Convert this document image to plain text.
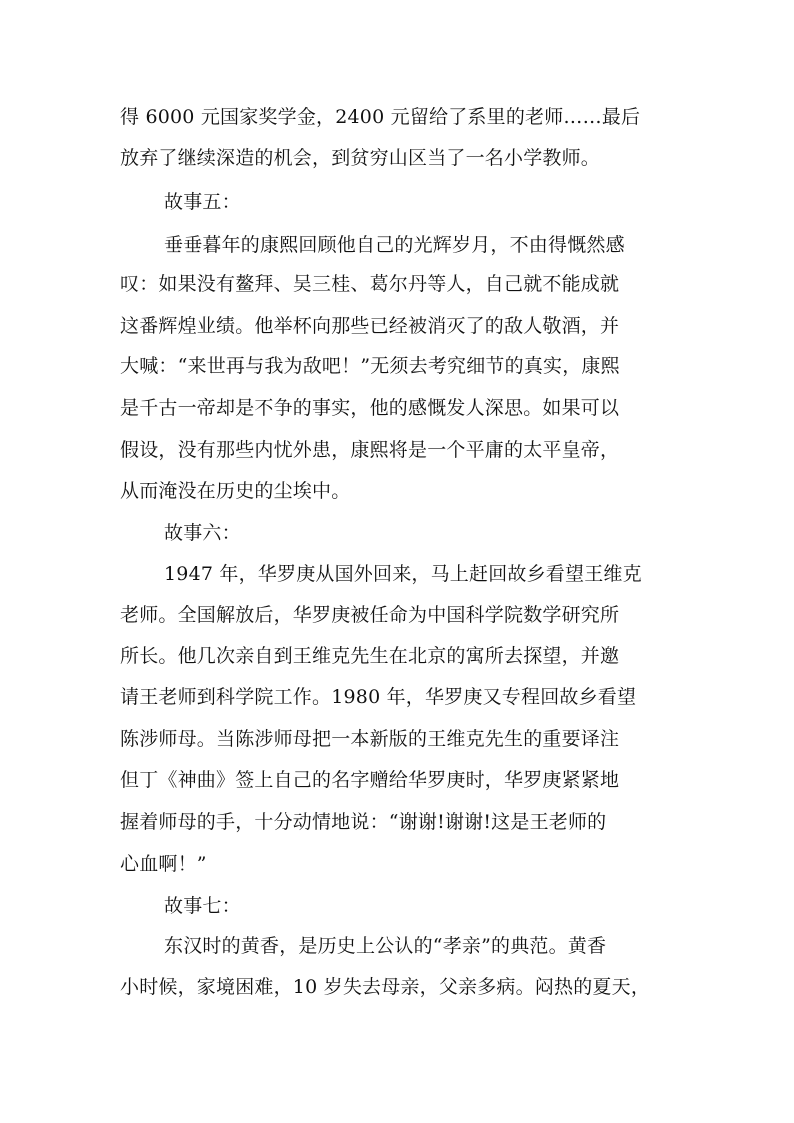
得 6000 元国家奖学金，2400 元留给了系里的老师……最后
放弃了继续深造的机会，到贫穷山区当了一名小学教师。
故事五：
垂垂暮年的康熙回顾他自己的光辉岁月，不由得慨然感
叹：如果没有鳌拜、吴三桂、葛尔丹等人，自己就不能成就
这番辉煌业绩。他举杯向那些已经被消灭了的敌人敬酒，并
大喊：“来世再与我为敌吧！”无须去考究细节的真实，康熙
是千古一帝却是不争的事实，他的感慨发人深思。如果可以
假设，没有那些内忧外患，康熙将是一个平庸的太平皇帝，
从而淹没在历史的尘埃中。
故事六：
1947 年，华罗庚从国外回来，马上赶回故乡看望王维克
老师。全国解放后，华罗庚被任命为中国科学院数学研究所
所长。他几次亲自到王维克先生在北京的寓所去探望，并邀
请王老师到科学院工作。1980 年，华罗庚又专程回故乡看望
陈涉师母。当陈涉师母把一本新版的王维克先生的重要译注
但丁《神曲》签上自己的名字赠给华罗庚时，华罗庚紧紧地
握着师母的手，十分动情地说：“谢谢!谢谢!这是王老师的
心血啊！”
故事七：
东汉时的黄香，是历史上公认的“孝亲”的典范。黄香
小时候，家境困难，10 岁失去母亲，父亲多病。闷热的夏天，
